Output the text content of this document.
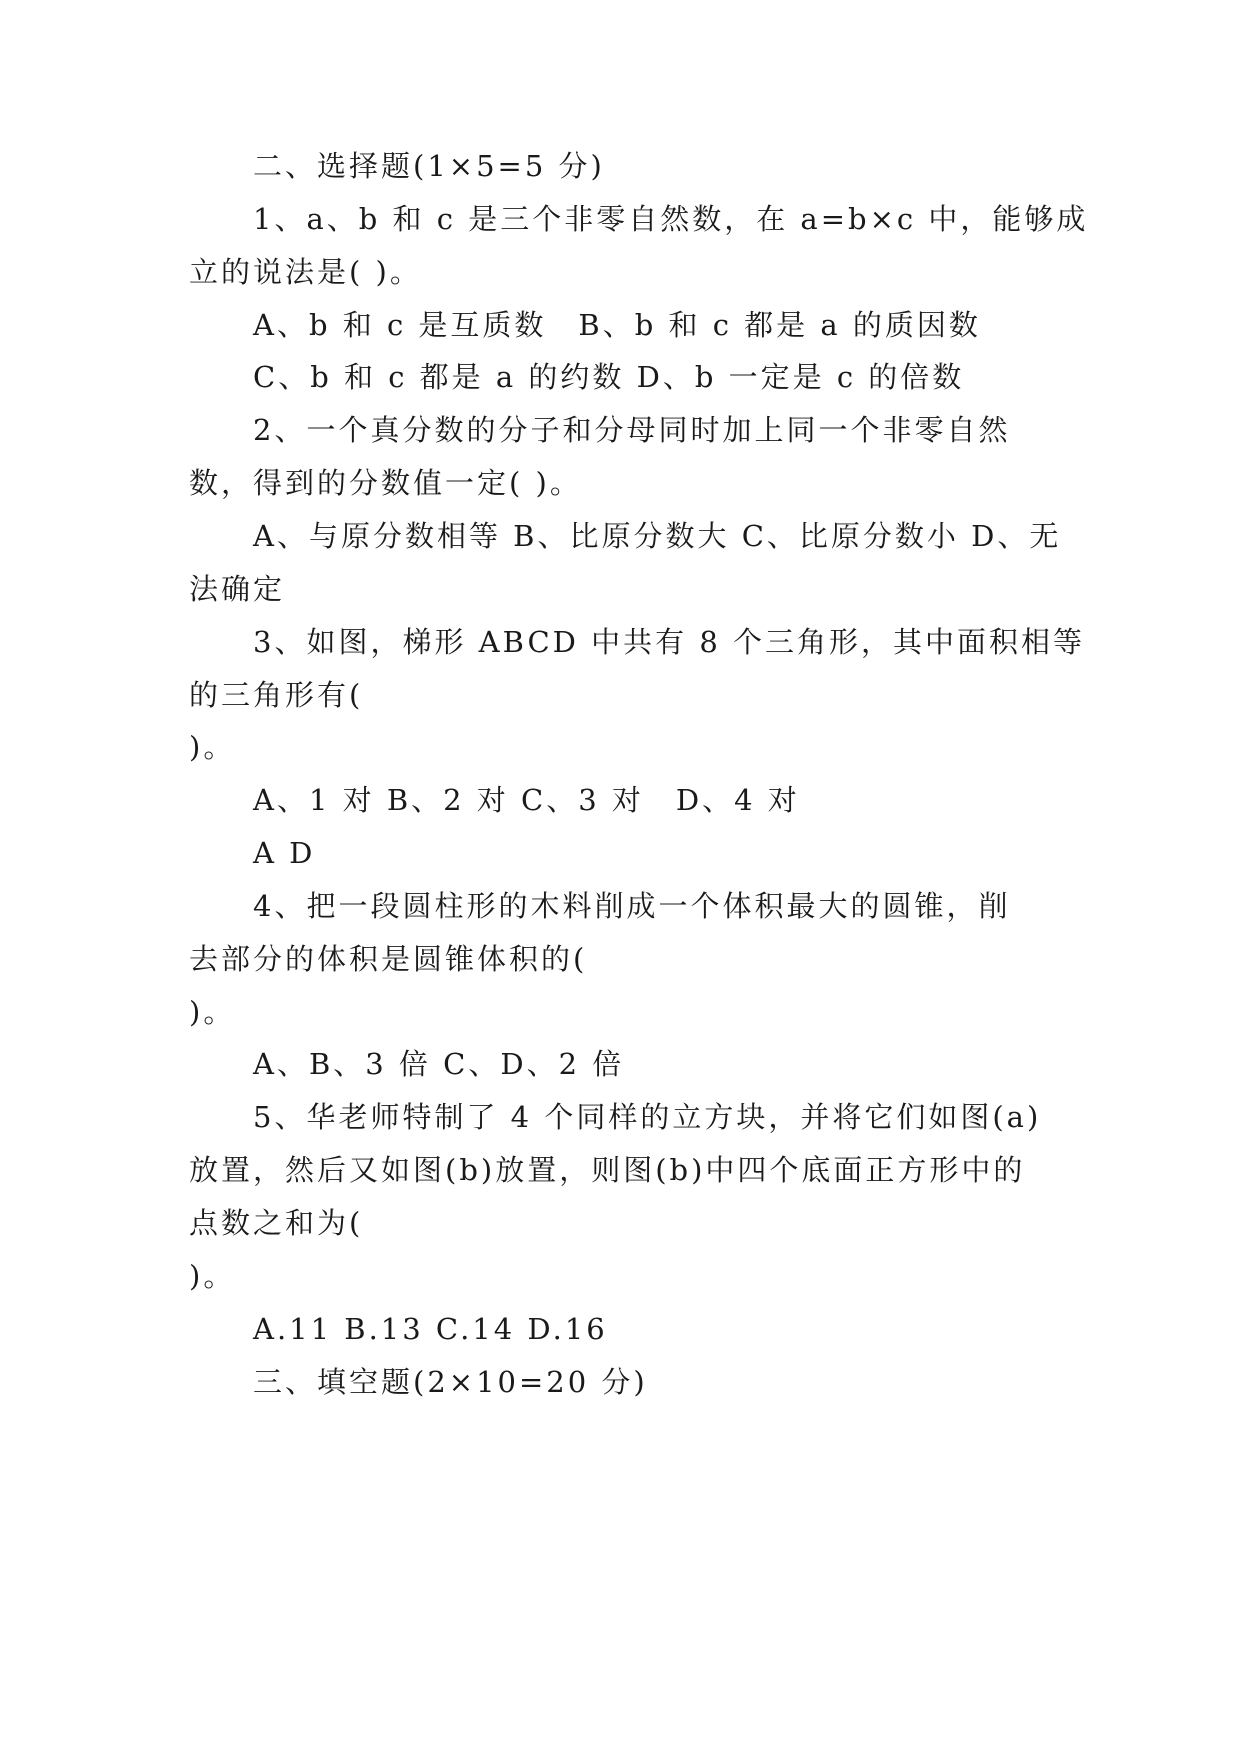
二、选择题(1×5=5 分)
1、a、b 和 c 是三个非零自然数，在 a=b×c 中，能够成
立的说法是( )。
A、b 和 c 是互质数　B、b 和 c 都是 a 的质因数
C、b 和 c 都是 a 的约数 D、b 一定是 c 的倍数
2、一个真分数的分子和分母同时加上同一个非零自然
数，得到的分数值一定( )。
A、与原分数相等 B、比原分数大 C、比原分数小 D、无
法确定
3、如图，梯形 ABCD 中共有 8 个三角形，其中面积相等
的三角形有(
)。
A、1 对 B、2 对 C、3 对　D、4 对
A D
4、把一段圆柱形的木料削成一个体积最大的圆锥，削
去部分的体积是圆锥体积的(
)。
A、B、3 倍 C、D、2 倍
5、华老师特制了 4 个同样的立方块，并将它们如图(a)
放置，然后又如图(b)放置，则图(b)中四个底面正方形中的
点数之和为(
)。
A.11 B.13 C.14 D.16
三、填空题(2×10=20 分)
